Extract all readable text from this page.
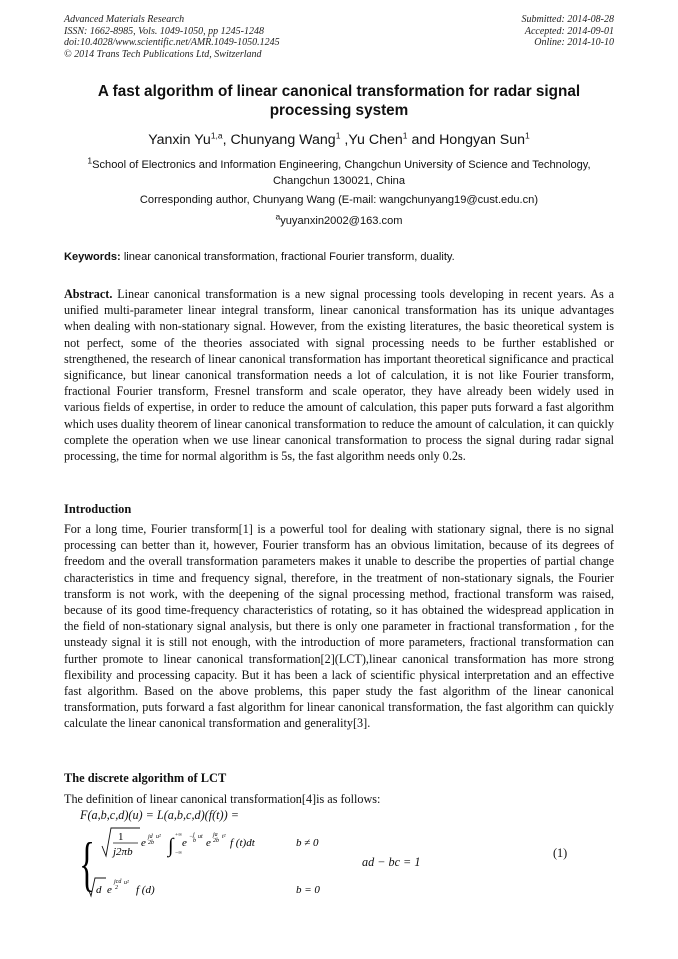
Advanced Materials Research
ISSN: 1662-8985, Vols. 1049-1050, pp 1245-1248
doi:10.4028/www.scientific.net/AMR.1049-1050.1245
© 2014 Trans Tech Publications Ltd, Switzerland
Submitted: 2014-08-28
Accepted: 2014-09-01
Online: 2014-10-10
A fast algorithm of linear canonical transformation for radar signal processing system
Yanxin Yu$^{1,a}$, Chunyang Wang$^1$ ,Yu Chen$^1$ and Hongyan Sun$^1$
$^1$School of Electronics and Information Engineering, Changchun University of Science and Technology, Changchun 130021, China
Corresponding author, Chunyang Wang (E-mail: wangchunyang19@cust.edu.cn)
$^a$yuyanxin2002@163.com
Keywords: linear canonical transformation, fractional Fourier transform, duality.
Abstract. Linear canonical transformation is a new signal processing tools developing in recent years. As a unified multi-parameter linear integral transform, linear canonical transformation has its unique advantages when dealing with non-stationary signal. However, from the existing literatures, the basic theoretical system is not perfect, some of the theories associated with signal processing needs to be further established or strengthened, the research of linear canonical transformation has important theoretical significance and practical significance, but linear canonical transformation needs a lot of calculation, it is not like Fourier transform, fractional Fourier transform, Fresnel transform and scale operator, they have already been widely used in various fields of expertise, in order to reduce the amount of calculation, this paper puts forward a fast algorithm which uses duality theorem of linear canonical transformation to reduce the amount of calculation, it can quickly complete the operation when we use linear canonical transformation to process the signal during radar signal processing, the time for normal algorithm is 5s, the fast algorithm needs only 0.2s.
Introduction
For a long time, Fourier transform[1] is a powerful tool for dealing with stationary signal, there is no signal processing can better than it, however, Fourier transform has an obvious limitation, because of its degrees of freedom and the overall transformation parameters makes it unable to describe the properties of partial change characteristics in time and frequency signal, therefore, in the treatment of non-stationary signals, the Fourier transform is not work, with the deepening of the signal processing method, fractional transform was raised, because of its good time-frequency characteristics of rotating, so it has obtained the widespread application in the field of non-stationary signal analysis, but there is only one parameter in fractional transformation , for the unsteady signal it is still not enough, with the introduction of more parameters, fractional transformation can further promote to linear canonical transformation[2](LCT),linear canonical transformation has more strong flexibility and processing capacity. But it has been a lack of scientific physical interpretation and an effective fast algorithm. Based on the above problems, this paper study the fast algorithm of the linear canonical transformation, puts forward a fast algorithm for linear canonical transformation, the fast algorithm can quickly calculate the linear canonical transformation and generality[3].
The discrete algorithm of LCT
The definition of linear canonical transformation[4]is as follows:
F(a,b,c,d)(u) = L(a,b,c,d)(f(t)) =
{ 1
j2πb
e jd
2b
u² ∫ +∞
−∞
e − j
b
ut e
ja
2b
t² f (t)dt	b ≠ 0
d e
jcd
2
u²
f (d)	b = 0
ad − bc = 1
(1)
